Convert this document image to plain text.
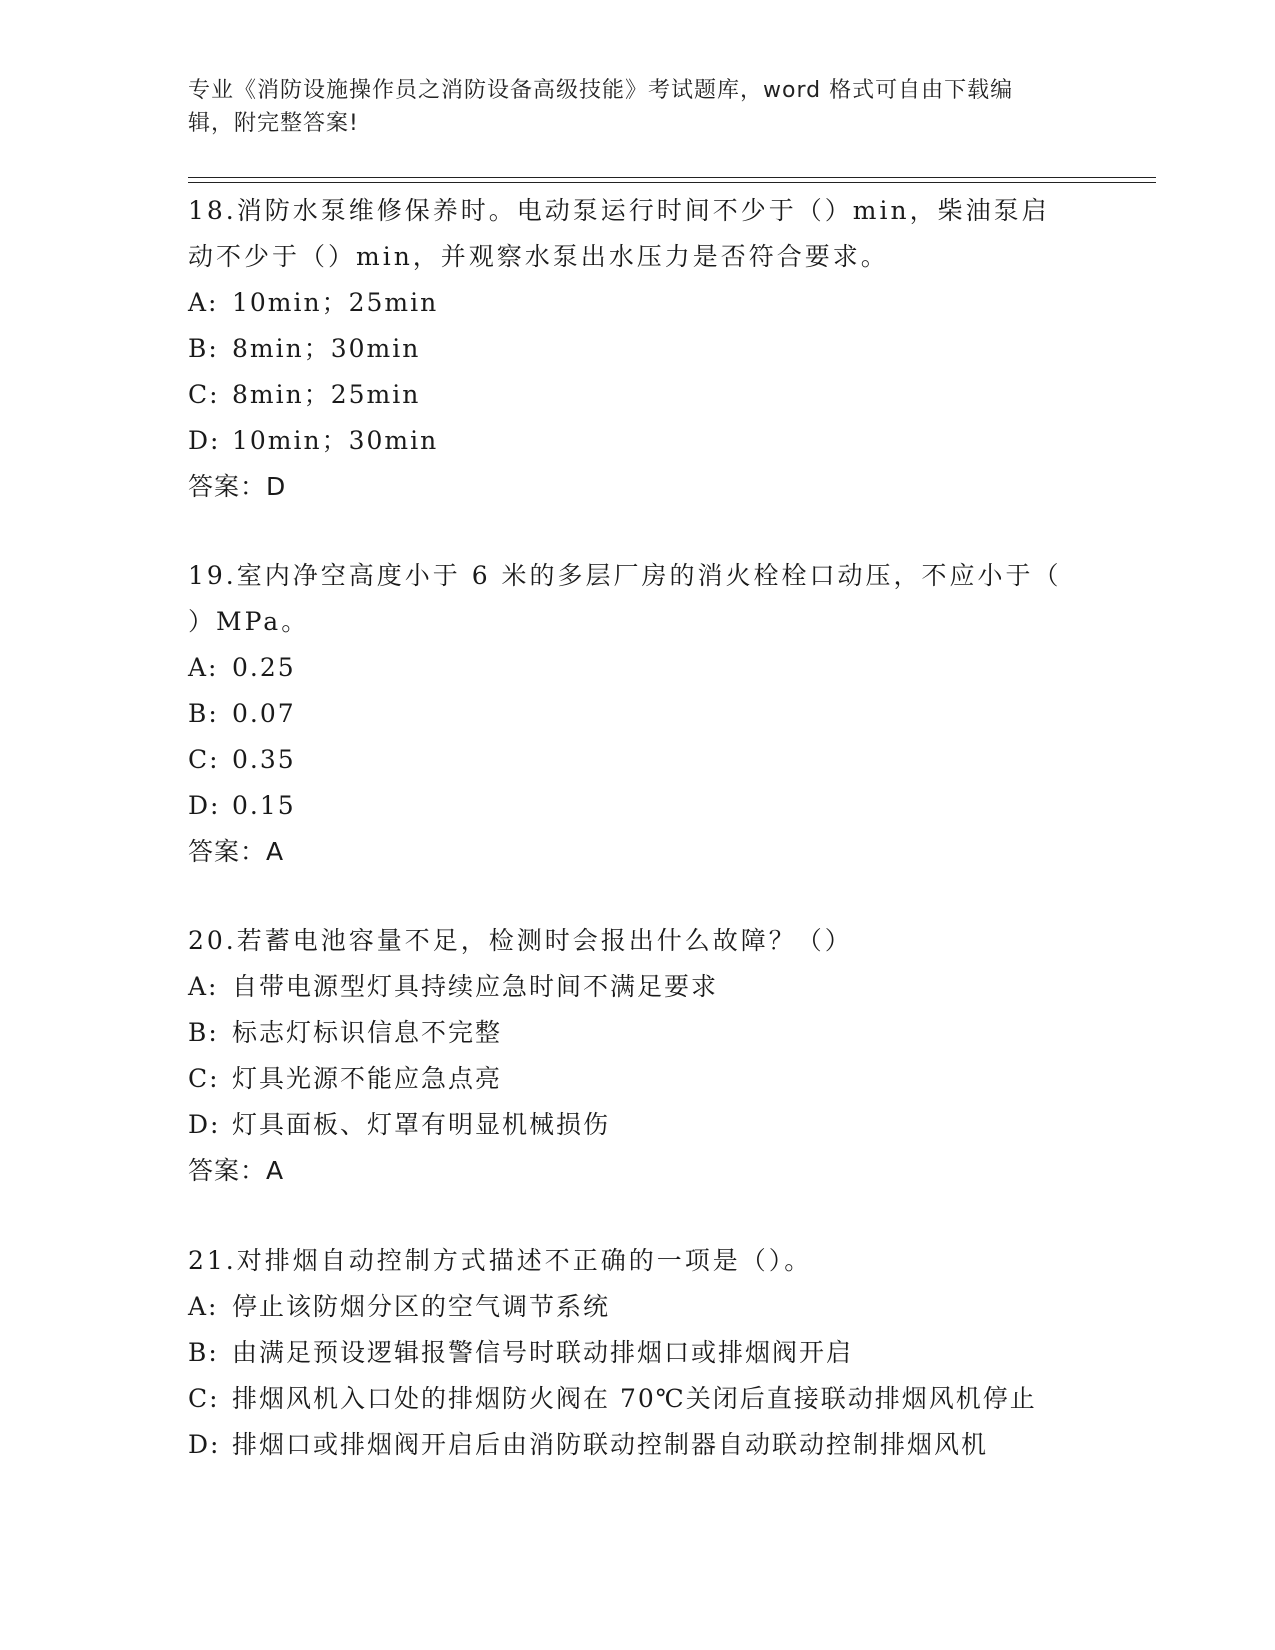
专业《消防设施操作员之消防设备高级技能》考试题库，word 格式可自由下载编
辑，附完整答案!

18.消防水泵维修保养时。电动泵运行时间不少于（）min，柴油泵启

动不少于（）min，并观察水泵出水压力是否符合要求。

A: 10min；25min

B: 8min；30min

C: 8min；25min

D: 10min；30min

答案：D

19.室内净空高度小于 6 米的多层厂房的消火栓栓口动压，不应小于（

）MPa。

A: 0.25

B: 0.07

C: 0.35

D: 0.15

答案：A

20.若蓄电池容量不足，检测时会报出什么故障？（）

A: 自带电源型灯具持续应急时间不满足要求

B: 标志灯标识信息不完整

C: 灯具光源不能应急点亮

D: 灯具面板、灯罩有明显机械损伤

答案：A

21.对排烟自动控制方式描述不正确的一项是（）。

A: 停止该防烟分区的空气调节系统

B: 由满足预设逻辑报警信号时联动排烟口或排烟阀开启

C: 排烟风机入口处的排烟防火阀在 70℃关闭后直接联动排烟风机停止

D: 排烟口或排烟阀开启后由消防联动控制器自动联动控制排烟风机
